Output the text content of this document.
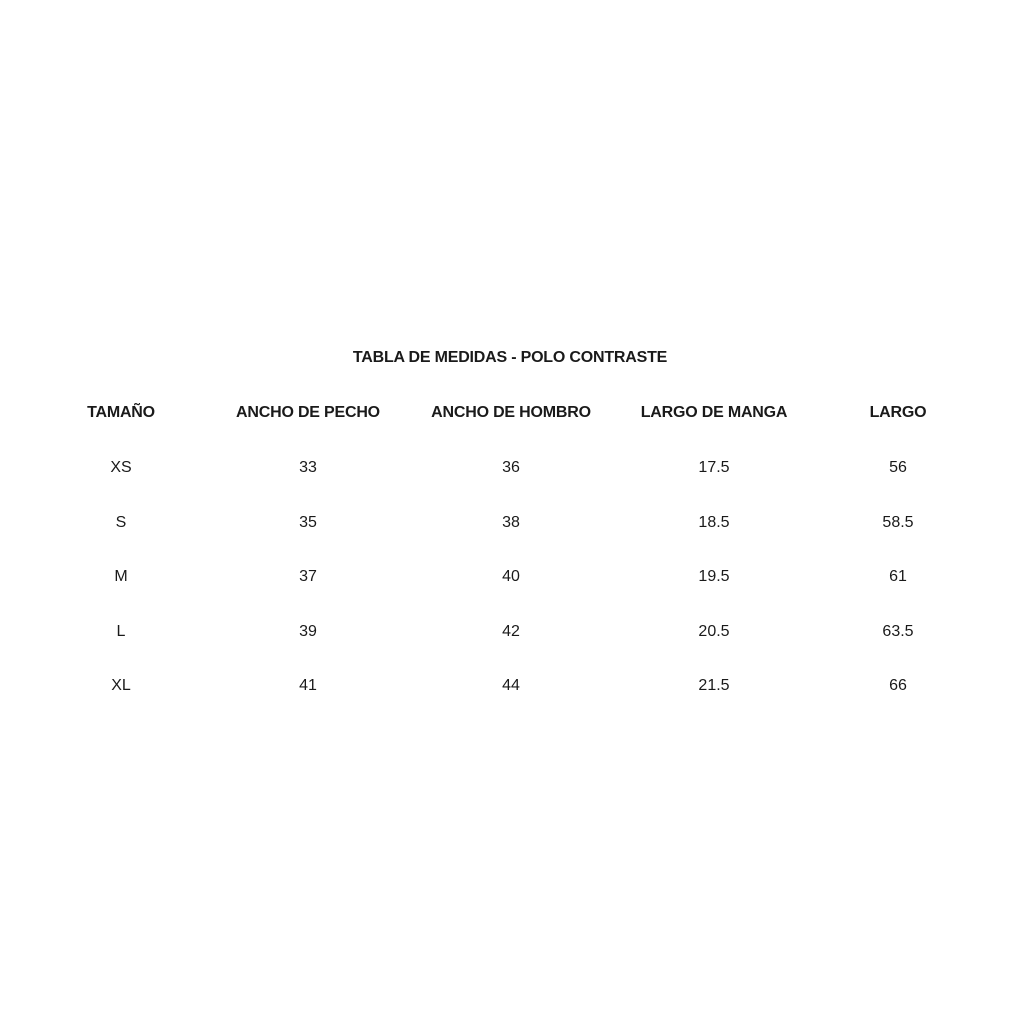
TABLA DE MEDIDAS - POLO CONTRASTE
TAMAÑO	ANCHO DE PECHO	ANCHO DE HOMBRO	LARGO DE MANGA	LARGO
XS	33	36	17.5	56
S	35	38	18.5	58.5
M	37	40	19.5	61
L	39	42	20.5	63.5
XL	41	44	21.5	66
